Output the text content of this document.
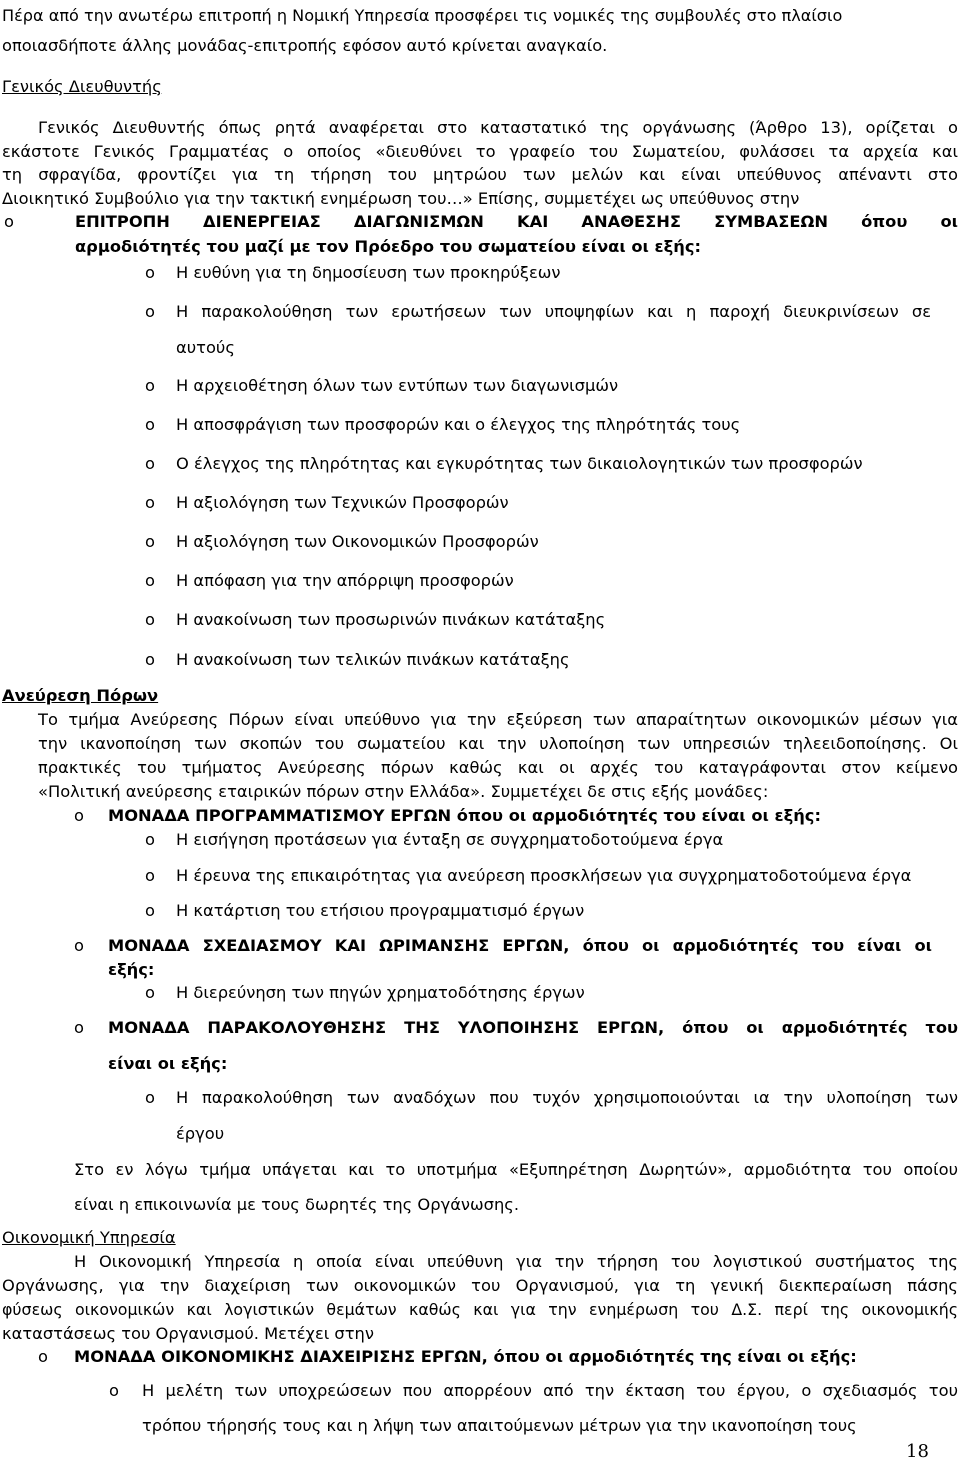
Πέρα από την ανωτέρω επιτροπή η Νομική Υπηρεσία προσφέρει τις νομικές της συμβουλές στο πλαίσιο
οποιασδήποτε άλλης μονάδας-επιτροπής εφόσον αυτό κρίνεται αναγκαίο.
Γενικός Διευθυντής
Γενικός Διευθυντής όπως ρητά αναφέρεται στο καταστατικό της οργάνωσης (Άρθρο 13), ορίζεται ο
εκάστοτε Γενικός Γραμματέας ο οποίος «διευθύνει το γραφείο του Σωματείου, φυλάσσει τα αρχεία και
τη σφραγίδα, φροντίζει για τη τήρηση του μητρώου των μελών και είναι υπεύθυνος απέναντι στο
Διοικητικό Συμβούλιο για την τακτική ενημέρωση του…» Επίσης, συμμετέχει ως υπεύθυνος στην
o	ΕΠΙΤΡΟΠΗ ΔΙΕΝΕΡΓΕΙΑΣ ΔΙΑΓΩΝΙΣΜΩΝ ΚΑΙ ΑΝΑΘΕΣΗΣ ΣΥΜΒΑΣΕΩΝ όπου οι
αρμοδιότητές του μαζί με τον Πρόεδρο του σωματείου είναι οι εξής:
o Η ευθύνη για τη δημοσίευση των προκηρύξεων
o Η παρακολούθηση των ερωτήσεων των υποψηφίων και η παροχή διευκρινίσεων σε
αυτούς
o Η αρχειοθέτηση όλων των εντύπων των διαγωνισμών
o Η αποσφράγιση των προσφορών και ο έλεγχος της πληρότητάς τους
o Ο έλεγχος της πληρότητας και εγκυρότητας των δικαιολογητικών των προσφορών
o Η αξιολόγηση των Τεχνικών Προσφορών
o Η αξιολόγηση των Οικονομικών Προσφορών
o Η απόφαση για την απόρριψη προσφορών
o Η ανακοίνωση των προσωρινών πινάκων κατάταξης
o Η ανακοίνωση των τελικών πινάκων κατάταξης
Ανεύρεση Πόρων
Το τμήμα Ανεύρεσης Πόρων είναι υπεύθυνο για την εξεύρεση των απαραίτητων οικονομικών μέσων για
την ικανοποίηση των σκοπών του σωματείου και την υλοποίηση των υπηρεσιών τηλεειδοποίησης. Οι
πρακτικές του τμήματος Ανεύρεσης πόρων καθώς και οι αρχές του καταγράφονται στον κείμενο
«Πολιτική ανεύρεσης εταιρικών πόρων στην Ελλάδα». Συμμετέχει δε στις εξής μονάδες:
o ΜΟΝΑΔΑ ΠΡΟΓΡΑΜΜΑΤΙΣΜΟΥ ΕΡΓΩΝ όπου οι αρμοδιότητές του είναι οι εξής:
o Η εισήγηση προτάσεων για ένταξη σε συγχρηματοδοτούμενα έργα
o Η έρευνα της επικαιρότητας για ανεύρεση προσκλήσεων για συγχρηματοδοτούμενα έργα
o Η κατάρτιση του ετήσιου προγραμματισμό έργων
o ΜΟΝΑΔΑ ΣΧΕΔΙΑΣΜΟΥ ΚΑΙ ΩΡΙΜΑΝΣΗΣ ΕΡΓΩΝ, όπου οι αρμοδιότητές του είναι οι
εξής:
o Η διερεύνηση των πηγών χρηματοδότησης έργων
o ΜΟΝΑΔΑ ΠΑΡΑΚΟΛΟΥΘΗΣΗΣ ΤΗΣ ΥΛΟΠΟΙΗΣΗΣ ΕΡΓΩΝ, όπου οι αρμοδιότητές του
είναι οι εξής:
o Η παρακολούθηση των αναδόχων που τυχόν χρησιμοποιούνται ια την υλοποίηση των
έργου
Στο εν λόγω τμήμα υπάγεται και το υποτμήμα «Εξυπηρέτηση Δωρητών», αρμοδιότητα του οποίου
είναι η επικοινωνία με τους δωρητές της Οργάνωσης.
Οικονομική Υπηρεσία
Η Οικονομική Υπηρεσία η οποία είναι υπεύθυνη για την τήρηση του λογιστικού συστήματος της
Οργάνωσης, για την διαχείριση των οικονομικών του Οργανισμού, για τη γενική διεκπεραίωση πάσης
φύσεως οικονομικών και λογιστικών θεμάτων καθώς και για την ενημέρωση του Δ.Σ. περί της οικονομικής
καταστάσεως του Οργανισμού. Μετέχει στην
o ΜΟΝΑΔΑ ΟΙΚΟΝΟΜΙΚΗΣ ΔΙΑΧΕΙΡΙΣΗΣ ΕΡΓΩΝ, όπου οι αρμοδιότητές της είναι οι εξής:
o Η μελέτη των υποχρεώσεων που απορρέουν από την έκταση του έργου, ο σχεδιασμός του
τρόπου τήρησής τους και η λήψη των απαιτούμενων μέτρων για την ικανοποίηση τους
18
